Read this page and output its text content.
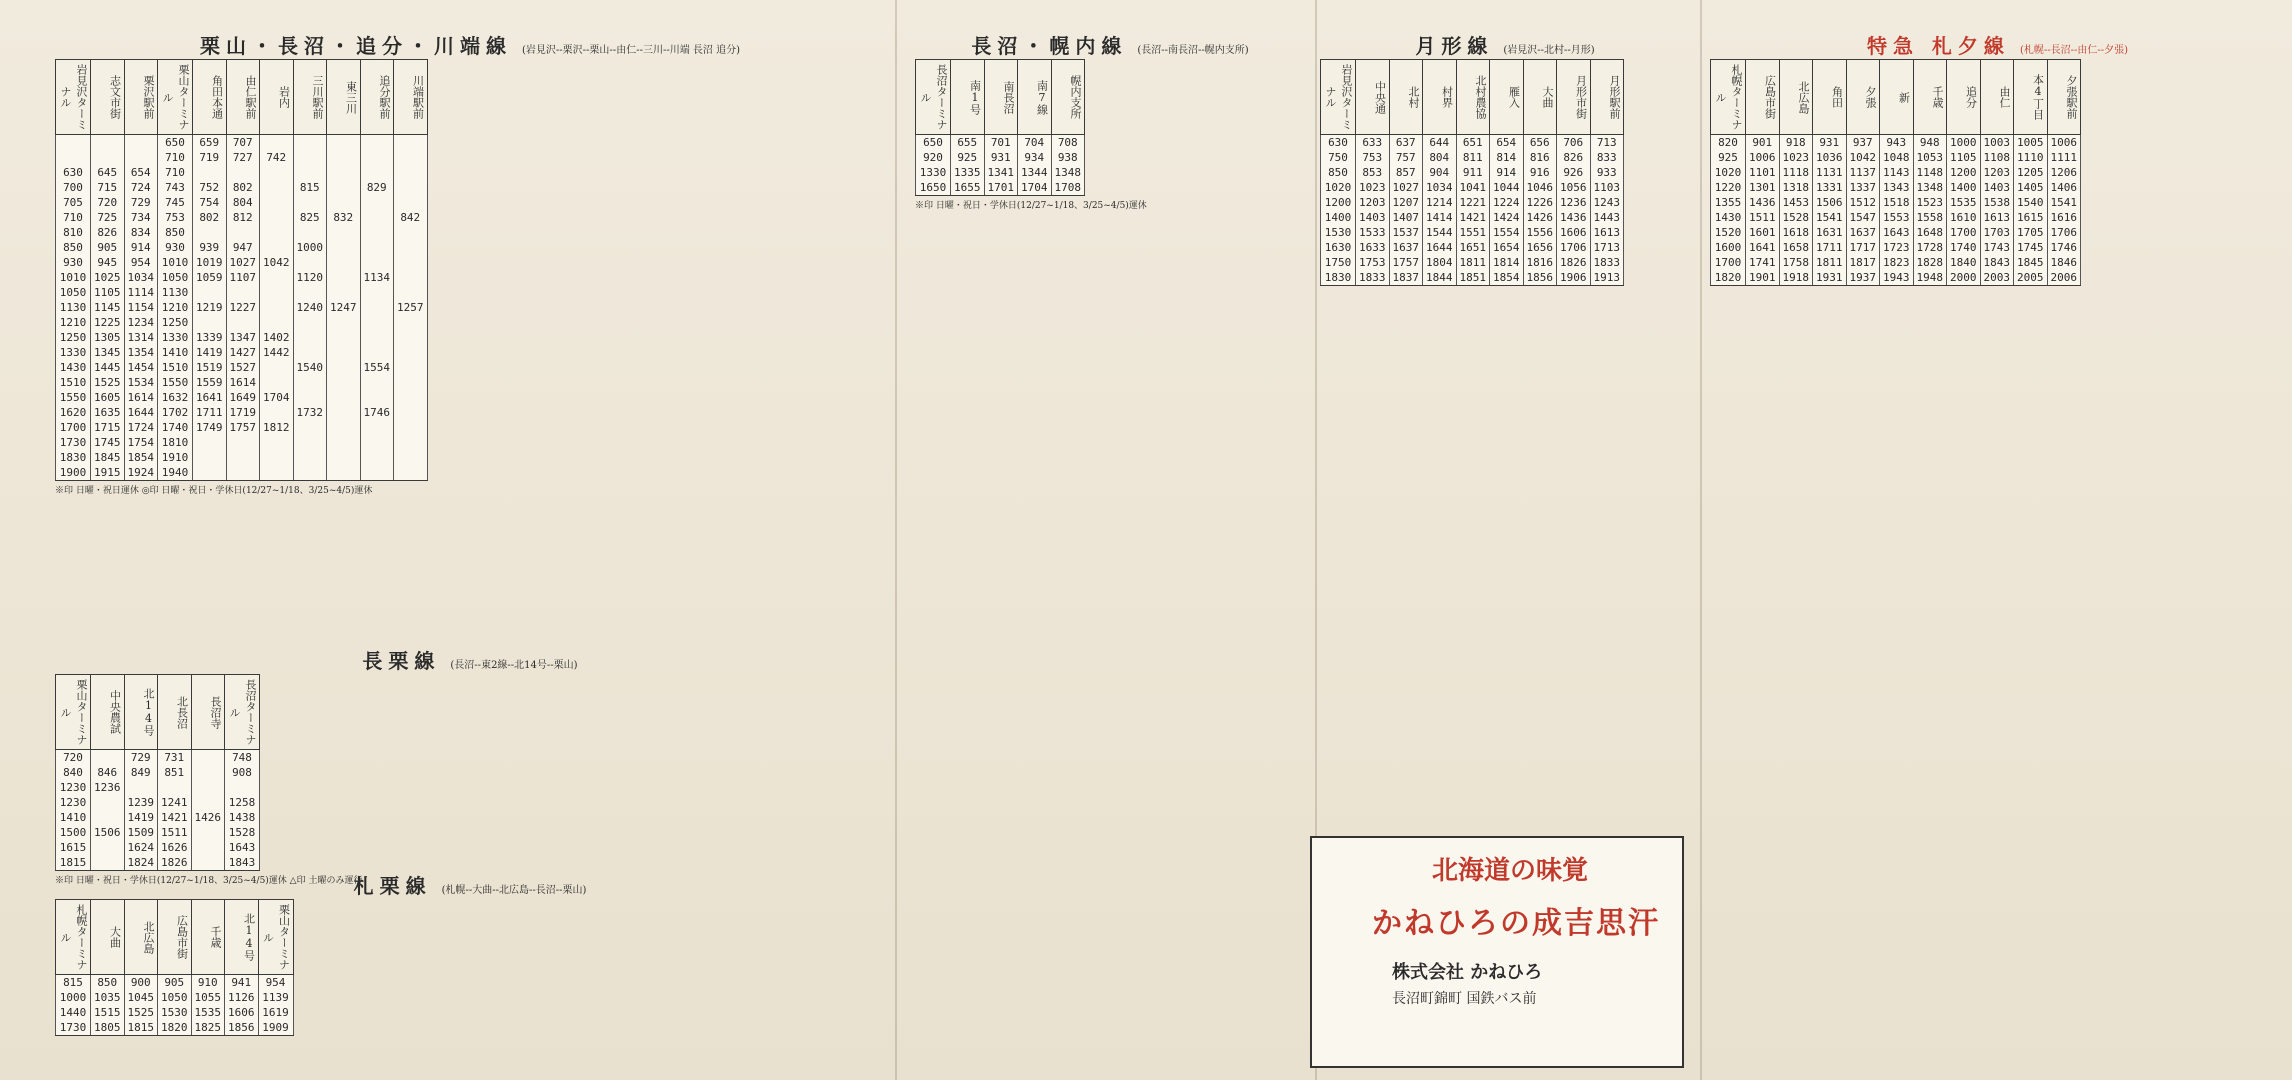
栗山・長沼・追分・川端線 (岩見沢--栗沢--栗山--由仁--三川--川端 長沼 追分)
岩見沢ターミナル	志文市街	栗沢駅前	栗山ターミナル	角田本通	由仁駅前	岩内	三川駅前	東三川	追分駅前	川端駅前
			650	659	707					
			710	719	727	742				
630	645	654	710							
700	715	724	743	752	802		815		829	
705	720	729	745	754	804					
710	725	734	753	802	812		825	832		842
810	826	834	850							
850	905	914	930	939	947		1000			
930	945	954	1010	1019	1027	1042				
1010	1025	1034	1050	1059	1107		1120		1134	
1050	1105	1114	1130							
1130	1145	1154	1210	1219	1227		1240	1247		1257
1210	1225	1234	1250							
1250	1305	1314	1330	1339	1347	1402				
1330	1345	1354	1410	1419	1427	1442				
1430	1445	1454	1510	1519	1527		1540		1554	
1510	1525	1534	1550	1559	1614					
1550	1605	1614	1632	1641	1649	1704				
1620	1635	1644	1702	1711	1719		1732		1746	
1700	1715	1724	1740	1749	1757	1812				
1730	1745	1754	1810							
1830	1845	1854	1910							
1900	1915	1924	1940							
※印 日曜・祝日運休 ◎印 日曜・祝日・学休日(12/27~1/18、3/25~4/5)運休
長沼・幌内線 (長沼--南長沼--幌内支所)
長沼ターミナル	南1号	南長沼	南7線	幌内支所
650	655	701	704	708
920	925	931	934	938
1330	1335	1341	1344	1348
1650	1655	1701	1704	1708
※印 日曜・祝日・学休日(12/27~1/18、3/25~4/5)運休
月形線 (岩見沢--北村--月形)
岩見沢ターミナル	中央通	北村	村界	北村農協	雁入	大曲	月形市街	月形駅前
630	633	637	644	651	654	656	706	713
750	753	757	804	811	814	816	826	833
850	853	857	904	911	914	916	926	933
1020	1023	1027	1034	1041	1044	1046	1056	1103
1200	1203	1207	1214	1221	1224	1226	1236	1243
1400	1403	1407	1414	1421	1424	1426	1436	1443
1530	1533	1537	1544	1551	1554	1556	1606	1613
1630	1633	1637	1644	1651	1654	1656	1706	1713
1750	1753	1757	1804	1811	1814	1816	1826	1833
1830	1833	1837	1844	1851	1854	1856	1906	1913
特急 札夕線 (札幌--長沼--由仁--夕張)
札幌ターミナル	広島市街	北広島	角田	夕張	新	千歳	追分	由仁	本4丁目	夕張駅前
820	901	918	931	937	943	948	1000	1003	1005	1006
925	1006	1023	1036	1042	1048	1053	1105	1108	1110	1111
1020	1101	1118	1131	1137	1143	1148	1200	1203	1205	1206
1220	1301	1318	1331	1337	1343	1348	1400	1403	1405	1406
1355	1436	1453	1506	1512	1518	1523	1535	1538	1540	1541
1430	1511	1528	1541	1547	1553	1558	1610	1613	1615	1616
1520	1601	1618	1631	1637	1643	1648	1700	1703	1705	1706
1600	1641	1658	1711	1717	1723	1728	1740	1743	1745	1746
1700	1741	1758	1811	1817	1823	1828	1840	1843	1845	1846
1820	1901	1918	1931	1937	1943	1948	2000	2003	2005	2006
長栗線 (長沼--東2線--北14号--栗山)
栗山ターミナル	中央農試	北14号	北長沼	長沼寺	長沼ターミナル
720		729	731		748
840	846	849	851		908
1230	1236				
1230		1239	1241		1258
1410		1419	1421	1426	1438
1500	1506	1509	1511		1528
1615		1624	1626		1643
1815		1824	1826		1843
※印 日曜・祝日・学休日(12/27~1/18、3/25~4/5)運休 △印 土曜のみ運行
札栗線 (札幌--大曲--北広島--長沼--栗山)
札幌ターミナル	大曲	北広島	広島市街	千歳	北14号	栗山ターミナル
815	850	900	905	910	941	954
1000	1035	1045	1050	1055	1126	1139
1440	1515	1525	1530	1535	1606	1619
1730	1805	1815	1820	1825	1856	1909
北海道の味覚
かねひろの成吉思汗
株式会社 かねひろ
長沼町錦町 国鉄バス前
